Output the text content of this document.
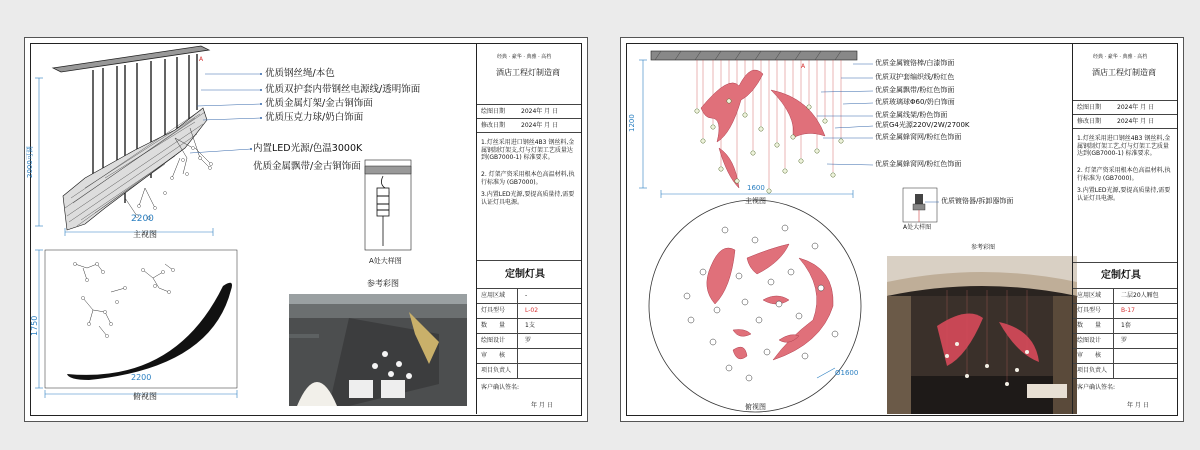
A
优质钢丝绳/本色
优质双护套内带钢丝电源线/透明饰面
优质金属灯架/金古铜饰面
优质压克力球/奶白饰面
内置LED光源/色温3000K
优质金属飘带/金古铜饰面
2000可调
2200
主视图
A处大样图
参考彩图
1750
2200
俯视图
经典 · 豪华 · 典雅 · 高档
酒店工程灯制造商
绘图日期	2024年 月 日
修改日期	2024年 月 日
1.灯丝采用进口钢丝4B3 钢丝料,金属钢制灯架支,灯与灯架工艺质量达到(GB7000-1) 标准要求。
2. 灯架产资采用根本色高温材料,执行标准为 (GB7000)。
3.内置LED光源,要提高质量持,需要认证灯具电源。
定制灯具
应用区域	-
灯具型号	L-02
数　　量	1支
绘图设计	罗
审　　核
项目负责人
客户确认签名:
年 月 日
A	优质金属镀铬棒/白漆饰面
优质双护套编织线/粉红色
优质金属飘带/粉红色饰面
优质玻璃球Φ60/奶白饰面
优质金属线架/粉色饰面
优质G4光源220V/2W/2700K
优质金属蜂窝网/粉红色饰面
优质金属蜂窝网/粉红色饰面
1200
1600
主视图	优质镀铬器/拆卸器饰面
A处大样图
Ø1600
俯视图
参考彩图
经典 · 豪华 · 典雅 · 高档
酒店工程灯制造商
绘图日期	2024年 月 日
修改日期	2024年 月 日
1.灯丝采用进口钢丝4B3 钢丝料,金属钢制灯架工艺,灯与灯架工艺质量达到(GB7000-1) 标准要求。
2. 灯架产资采用根本色高温材料,执行标准为 (GB7000)。
3.内置LED光源,要提高质量持,需要认证灯具电源。
定制灯具
应用区域	二层20人厢包
灯具型号	B-17
数　　量	1套
绘图设计	罗
审　　核
项目负责人
客户确认签名:
年 月 日
